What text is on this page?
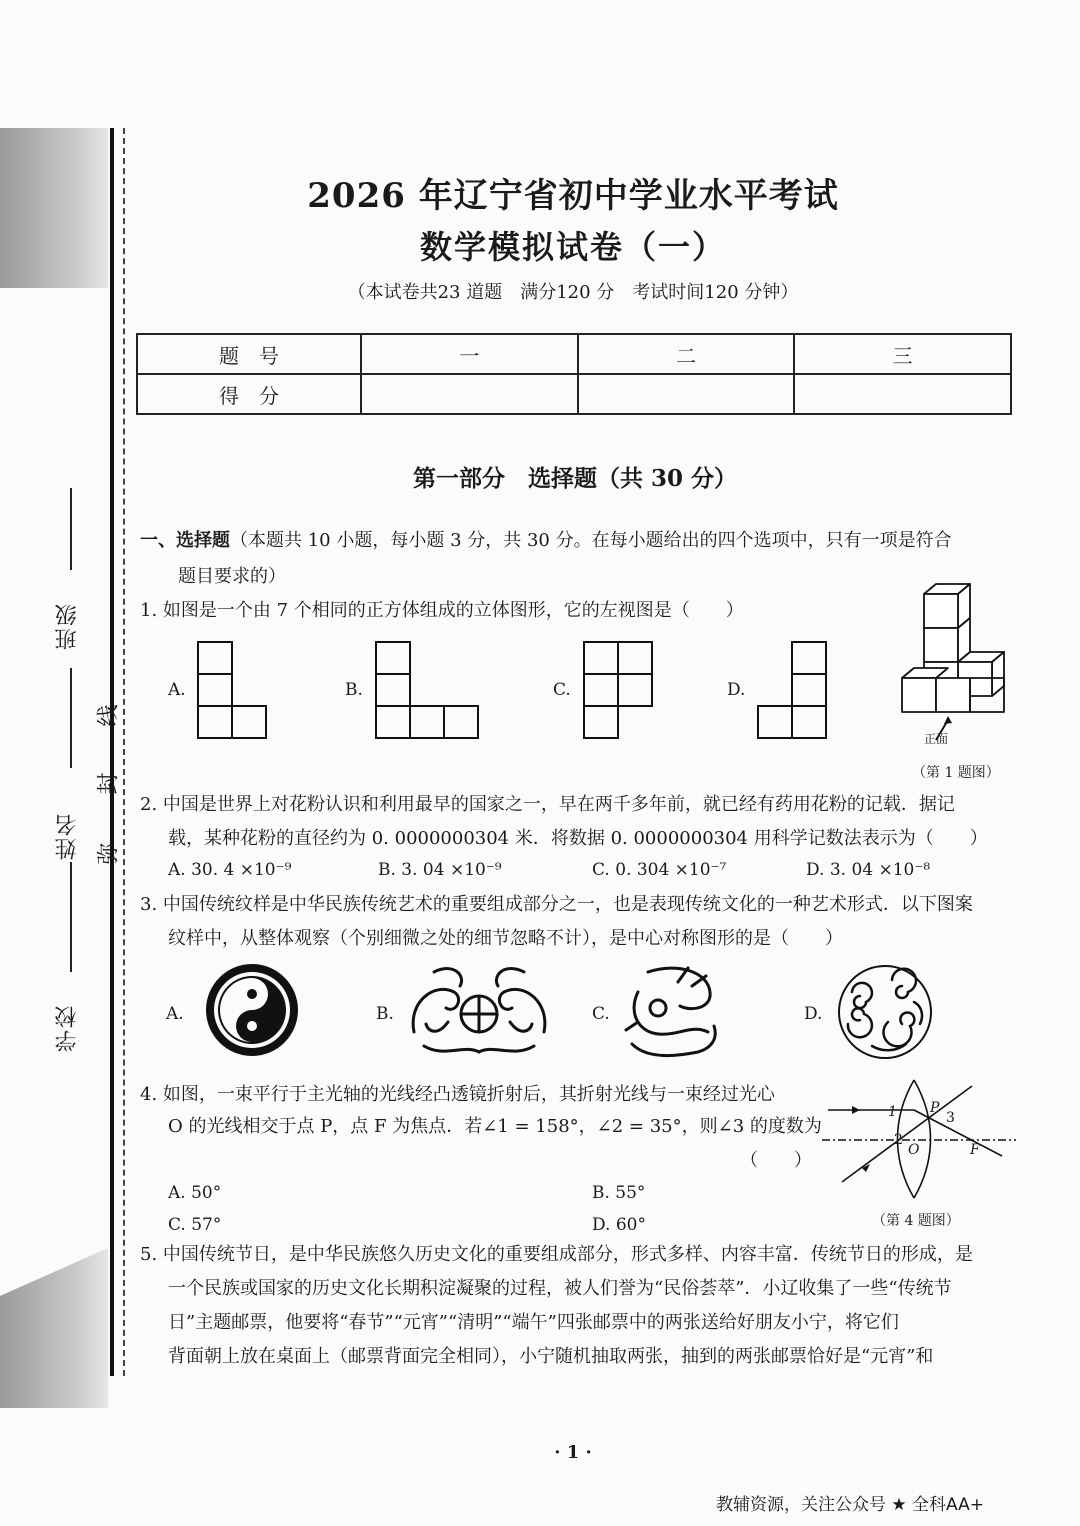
班级
姓名
学校
线
封
弥
2026 年辽宁省初中学业水平考试
数学模拟试卷（一）
（本试卷共23 道题　满分120 分　考试时间120 分钟）
题　号	一	二	三
得　分			
第一部分　选择题（共 30 分）
一、选择题（本题共 10 小题，每小题 3 分，共 30 分。在每小题给出的四个选项中，只有一项是符合
题目要求的）
1. 如图是一个由 7 个相同的正方体组成的立体图形，它的左视图是（　　）
A.	B.	C.	D.
正面
（第 1 题图）
2. 中国是世界上对花粉认识和利用最早的国家之一，早在两千多年前，就已经有药用花粉的记载．据记
载，某种花粉的直径约为 0. 0000000304 米．将数据 0. 0000000304 用科学记数法表示为（　　）
A. 30. 4 ×10⁻⁹	B. 3. 04 ×10⁻⁹	C. 0. 304 ×10⁻⁷	D. 3. 04 ×10⁻⁸
3. 中国传统纹样是中华民族传统艺术的重要组成部分之一，也是表现传统文化的一种艺术形式．以下图案
纹样中，从整体观察（个别细微之处的细节忽略不计），是中心对称图形的是（　　）
A.	B.	C.	D.
4. 如图，一束平行于主光轴的光线经凸透镜折射后，其折射光线与一束经过光心
O 的光线相交于点 P，点 F 为焦点．若∠1 = 158°，∠2 = 35°，则∠3 的度数为
（　　）
A. 50°	B. 55°
C. 57°	D. 60°
1 P
3
2
O	F
（第 4 题图）
5. 中国传统节日，是中华民族悠久历史文化的重要组成部分，形式多样、内容丰富．传统节日的形成，是
一个民族或国家的历史文化长期积淀凝聚的过程，被人们誉为“民俗荟萃”．小辽收集了一些“传统节
日”主题邮票，他要将“春节”“元宵”“清明”“端午”四张邮票中的两张送给好朋友小宁，将它们
背面朝上放在桌面上（邮票背面完全相同），小宁随机抽取两张，抽到的两张邮票恰好是“元宵”和
· 1 ·
教辅资源，关注公众号 ★ 全科AA+
